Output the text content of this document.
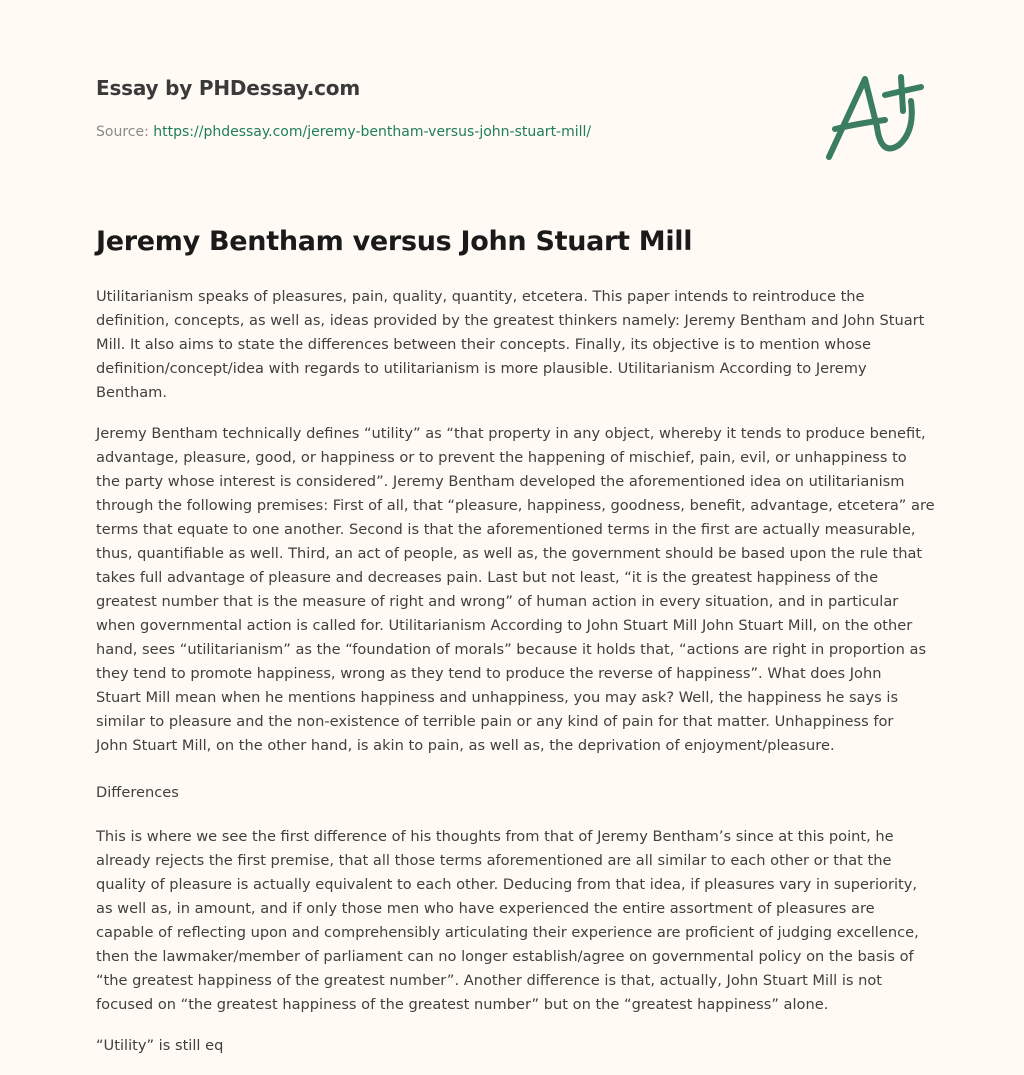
Essay by PHDessay.com
Source: https://phdessay.com/jeremy-bentham-versus-john-stuart-mill/
Jeremy Bentham versus John Stuart Mill

Utilitarianism speaks of pleasures, pain, quality, quantity, etcetera. This paper intends to reintroduce the
definition, concepts, as well as, ideas provided by the greatest thinkers namely: Jeremy Bentham and John Stuart
Mill. It also aims to state the differences between their concepts. Finally, its objective is to mention whose
definition/concept/idea with regards to utilitarianism is more plausible. Utilitarianism According to Jeremy
Bentham.

Jeremy Bentham technically defines “utility” as “that property in any object, whereby it tends to produce benefit,
advantage, pleasure, good, or happiness or to prevent the happening of mischief, pain, evil, or unhappiness to
the party whose interest is considered”. Jeremy Bentham developed the aforementioned idea on utilitarianism
through the following premises: First of all, that “pleasure, happiness, goodness, benefit, advantage, etcetera” are
terms that equate to one another. Second is that the aforementioned terms in the first are actually measurable,
thus, quantifiable as well. Third, an act of people, as well as, the government should be based upon the rule that
takes full advantage of pleasure and decreases pain. Last but not least, “it is the greatest happiness of the
greatest number that is the measure of right and wrong” of human action in every situation, and in particular
when governmental action is called for. Utilitarianism According to John Stuart Mill John Stuart Mill, on the other
hand, sees “utilitarianism” as the “foundation of morals” because it holds that, “actions are right in proportion as
they tend to promote happiness, wrong as they tend to produce the reverse of happiness”. What does John
Stuart Mill mean when he mentions happiness and unhappiness, you may ask? Well, the happiness he says is
similar to pleasure and the non-existence of terrible pain or any kind of pain for that matter. Unhappiness for
John Stuart Mill, on the other hand, is akin to pain, as well as, the deprivation of enjoyment/pleasure.

Differences

This is where we see the first difference of his thoughts from that of Jeremy Bentham’s since at this point, he
already rejects the first premise, that all those terms aforementioned are all similar to each other or that the
quality of pleasure is actually equivalent to each other. Deducing from that idea, if pleasures vary in superiority,
as well as, in amount, and if only those men who have experienced the entire assortment of pleasures are
capable of reflecting upon and comprehensibly articulating their experience are proficient of judging excellence,
then the lawmaker/member of parliament can no longer establish/agree on governmental policy on the basis of
“the greatest happiness of the greatest number”. Another difference is that, actually, John Stuart Mill is not
focused on “the greatest happiness of the greatest number” but on the “greatest happiness” alone.

“Utility” is still eq
